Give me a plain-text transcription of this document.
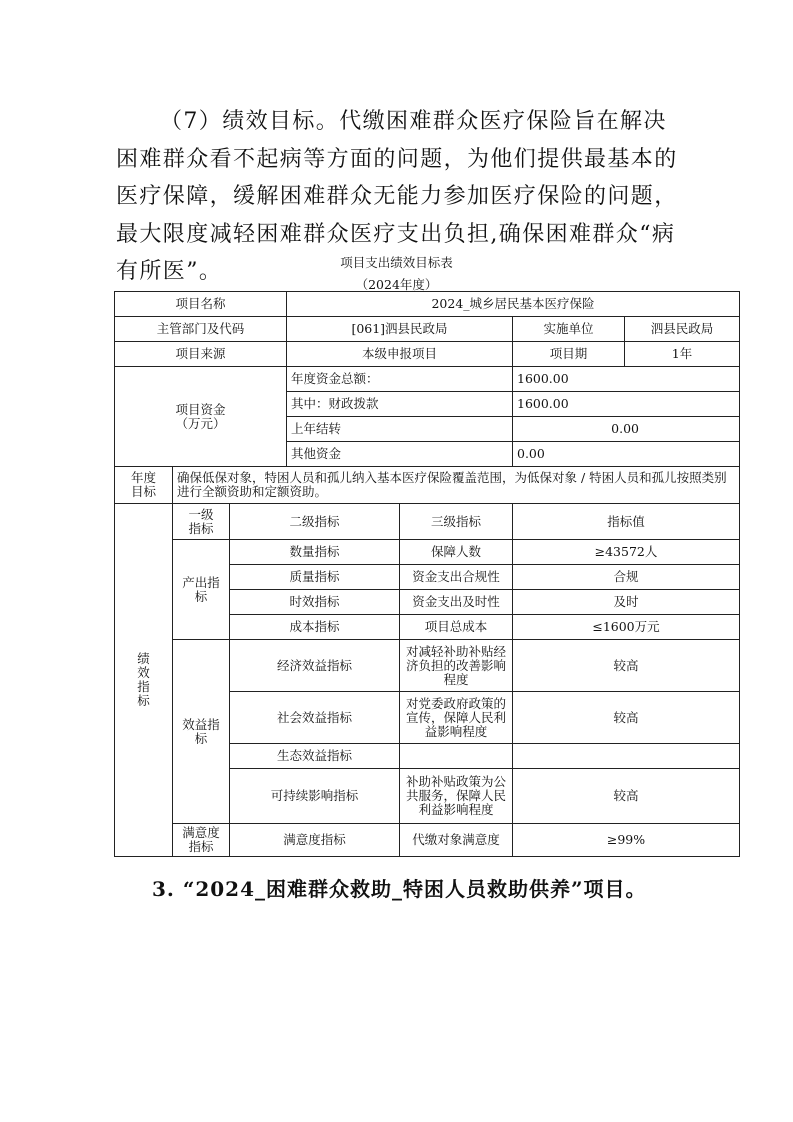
（7）绩效目标。代缴困难群众医疗保险旨在解决困难群众看不起病等方面的问题，为他们提供最基本的医疗保障，缓解困难群众无能力参加医疗保险的问题，最大限度减轻困难群众医疗支出负担,确保困难群众“病有所医”。	项目支出绩效目标表
（2024年度）
项目名称			2024_城乡居民基本医疗保险			
主管部门及代码			[061]泗县民政局		实施单位	泗县民政局
项目来源			本级申报项目		项目期	1年
项目资金
（万元）			年度资金总额：		1600.00	
			其中：财政拨款		1600.00	
			上年结转		0.00	
			其他资金		0.00	
年度
目标	确保低保对象，特困人员和孤儿纳入基本医疗保险覆盖范围，为低保对象 / 特困人员和孤儿按照类别进行全额资助和定额资助。					
绩
效
指
标	一级
指标	二级指标		三级指标	指标值	
	产出指
标	数量指标		保障人数	≥43572人	
		质量指标		资金支出合规性	合规	
		时效指标		资金支出及时性	及时	
		成本指标		项目总成本	≤1600万元	
	效益指
标	经济效益指标		对减轻补助补贴经济负担的改善影响程度	较高	
		社会效益指标		对党委政府政策的宣传，保障人民利益影响程度	较高	
		生态效益指标				
		可持续影响指标		补助补贴政策为公共服务，保障人民利益影响程度	较高	
	满意度
指标	满意度指标		代缴对象满意度	≥99%	

3. “2024_困难群众救助_特困人员救助供养”项目。
